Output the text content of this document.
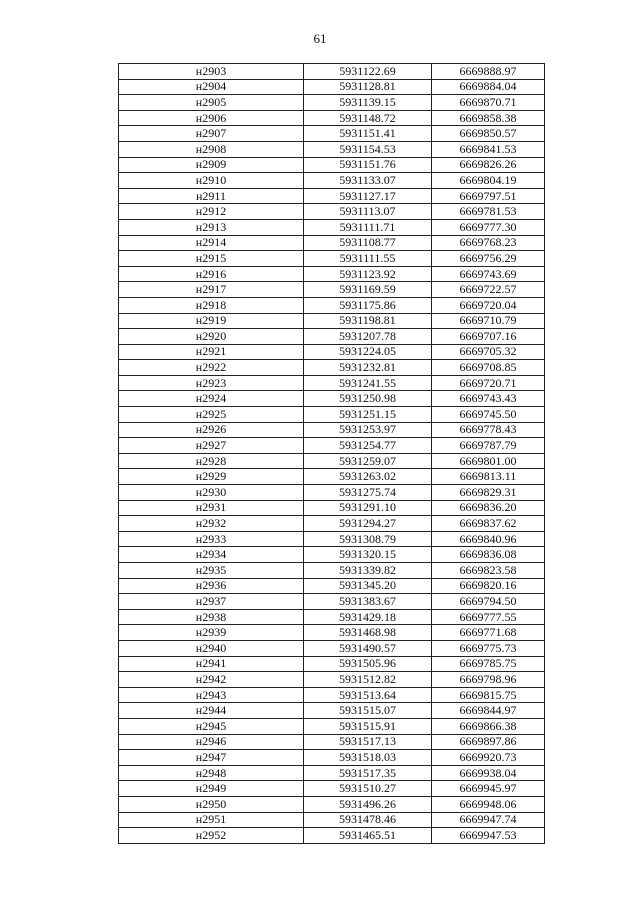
61
н2903	5931122.69	6669888.97
н2904	5931128.81	6669884.04
н2905	5931139.15	6669870.71
н2906	5931148.72	6669858.38
н2907	5931151.41	6669850.57
н2908	5931154.53	6669841.53
н2909	5931151.76	6669826.26
н2910	5931133.07	6669804.19
н2911	5931127.17	6669797.51
н2912	5931113.07	6669781.53
н2913	5931111.71	6669777.30
н2914	5931108.77	6669768.23
н2915	5931111.55	6669756.29
н2916	5931123.92	6669743.69
н2917	5931169.59	6669722.57
н2918	5931175.86	6669720.04
н2919	5931198.81	6669710.79
н2920	5931207.78	6669707.16
н2921	5931224.05	6669705.32
н2922	5931232.81	6669708.85
н2923	5931241.55	6669720.71
н2924	5931250.98	6669743.43
н2925	5931251.15	6669745.50
н2926	5931253.97	6669778.43
н2927	5931254.77	6669787.79
н2928	5931259.07	6669801.00
н2929	5931263.02	6669813.11
н2930	5931275.74	6669829.31
н2931	5931291.10	6669836.20
н2932	5931294.27	6669837.62
н2933	5931308.79	6669840.96
н2934	5931320.15	6669836.08
н2935	5931339.82	6669823.58
н2936	5931345.20	6669820.16
н2937	5931383.67	6669794.50
н2938	5931429.18	6669777.55
н2939	5931468.98	6669771.68
н2940	5931490.57	6669775.73
н2941	5931505.96	6669785.75
н2942	5931512.82	6669798.96
н2943	5931513.64	6669815.75
н2944	5931515.07	6669844.97
н2945	5931515.91	6669866.38
н2946	5931517.13	6669897.86
н2947	5931518.03	6669920.73
н2948	5931517.35	6669938.04
н2949	5931510.27	6669945.97
н2950	5931496.26	6669948.06
н2951	5931478.46	6669947.74
н2952	5931465.51	6669947.53
